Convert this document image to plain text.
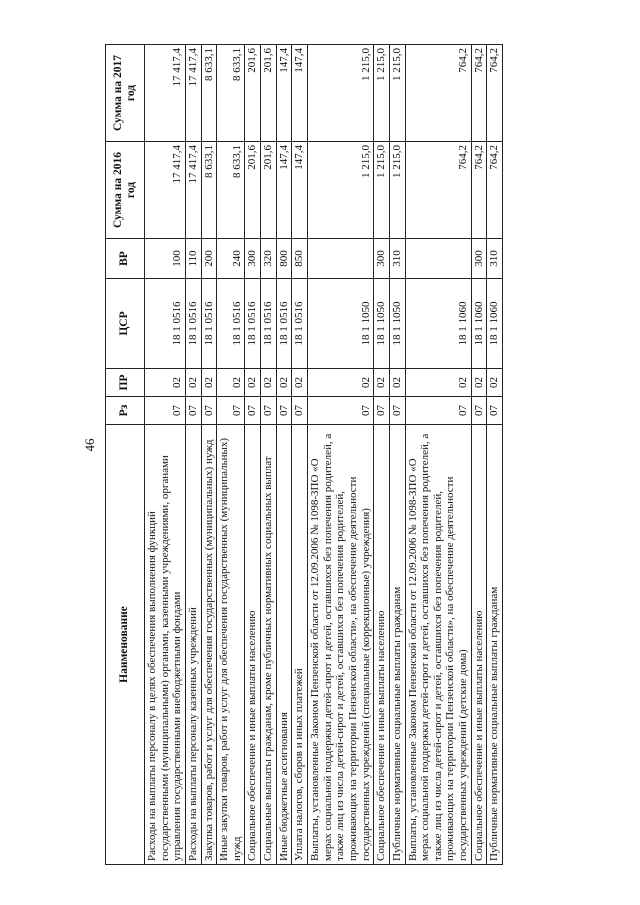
46
Наименование	Рз	ПР	ЦСР	ВР	Сумма на 2016 год	Сумма на 2017 год
Расходы на выплаты персоналу в целях обеспечения выполнения функций государственными (муниципальными) органами, казенными учреждениями, органами управления государственными внебюджетными фондами	07	02	18 1 0516	100	17 417,4	17 417,4
Расходы на выплаты персоналу казенных учреждений	07	02	18 1 0516	110	17 417,4	17 417,4
Закупка товаров, работ и услуг для обеспечения государственных (муниципальных) нужд	07	02	18 1 0516	200	8 633,1	8 633,1
Иные закупки товаров, работ и услуг для обеспечения государственных (муниципальных) нужд	07	02	18 1 0516	240	8 633,1	8 633,1
Социальное обеспечение и иные выплаты населению	07	02	18 1 0516	300	201,6	201,6
Социальные выплаты гражданам, кроме публичных нормативных социальных выплат	07	02	18 1 0516	320	201,6	201,6
Иные бюджетные ассигнования	07	02	18 1 0516	800	147,4	147,4
Уплата налогов, сборов и иных платежей	07	02	18 1 0516	850	147,4	147,4
Выплаты, установленные Законом Пензенской области от 12.09.2006 № 1098-ЗПО «О мерах социальной поддержки детей-сирот и детей, оставшихся без попечения родителей, а также лиц из числа детей-сирот и детей, оставшихся без попечения родителей, проживающих на территории Пензенской области», на обеспечение деятельности государственных учреждений (специальные (коррекционные) учреждения)	07	02	18 1 1050		1 215,0	1 215,0
Социальное обеспечение и иные выплаты населению	07	02	18 1 1050	300	1 215,0	1 215,0
Публичные нормативные социальные выплаты гражданам	07	02	18 1 1050	310	1 215,0	1 215,0
Выплаты, установленные Законом Пензенской области от 12.09.2006 № 1098-ЗПО «О мерах социальной поддержки детей-сирот и детей, оставшихся без попечения родителей, а также лиц из числа детей-сирот и детей, оставшихся без попечения родителей, проживающих на территории Пензенской области», на обеспечение деятельности государственных учреждений (детские дома)	07	02	18 1 1060		764,2	764,2
Социальное обеспечение и иные выплаты населению	07	02	18 1 1060	300	764,2	764,2
Публичные нормативные социальные выплаты гражданам	07	02	18 1 1060	310	764,2	764,2
